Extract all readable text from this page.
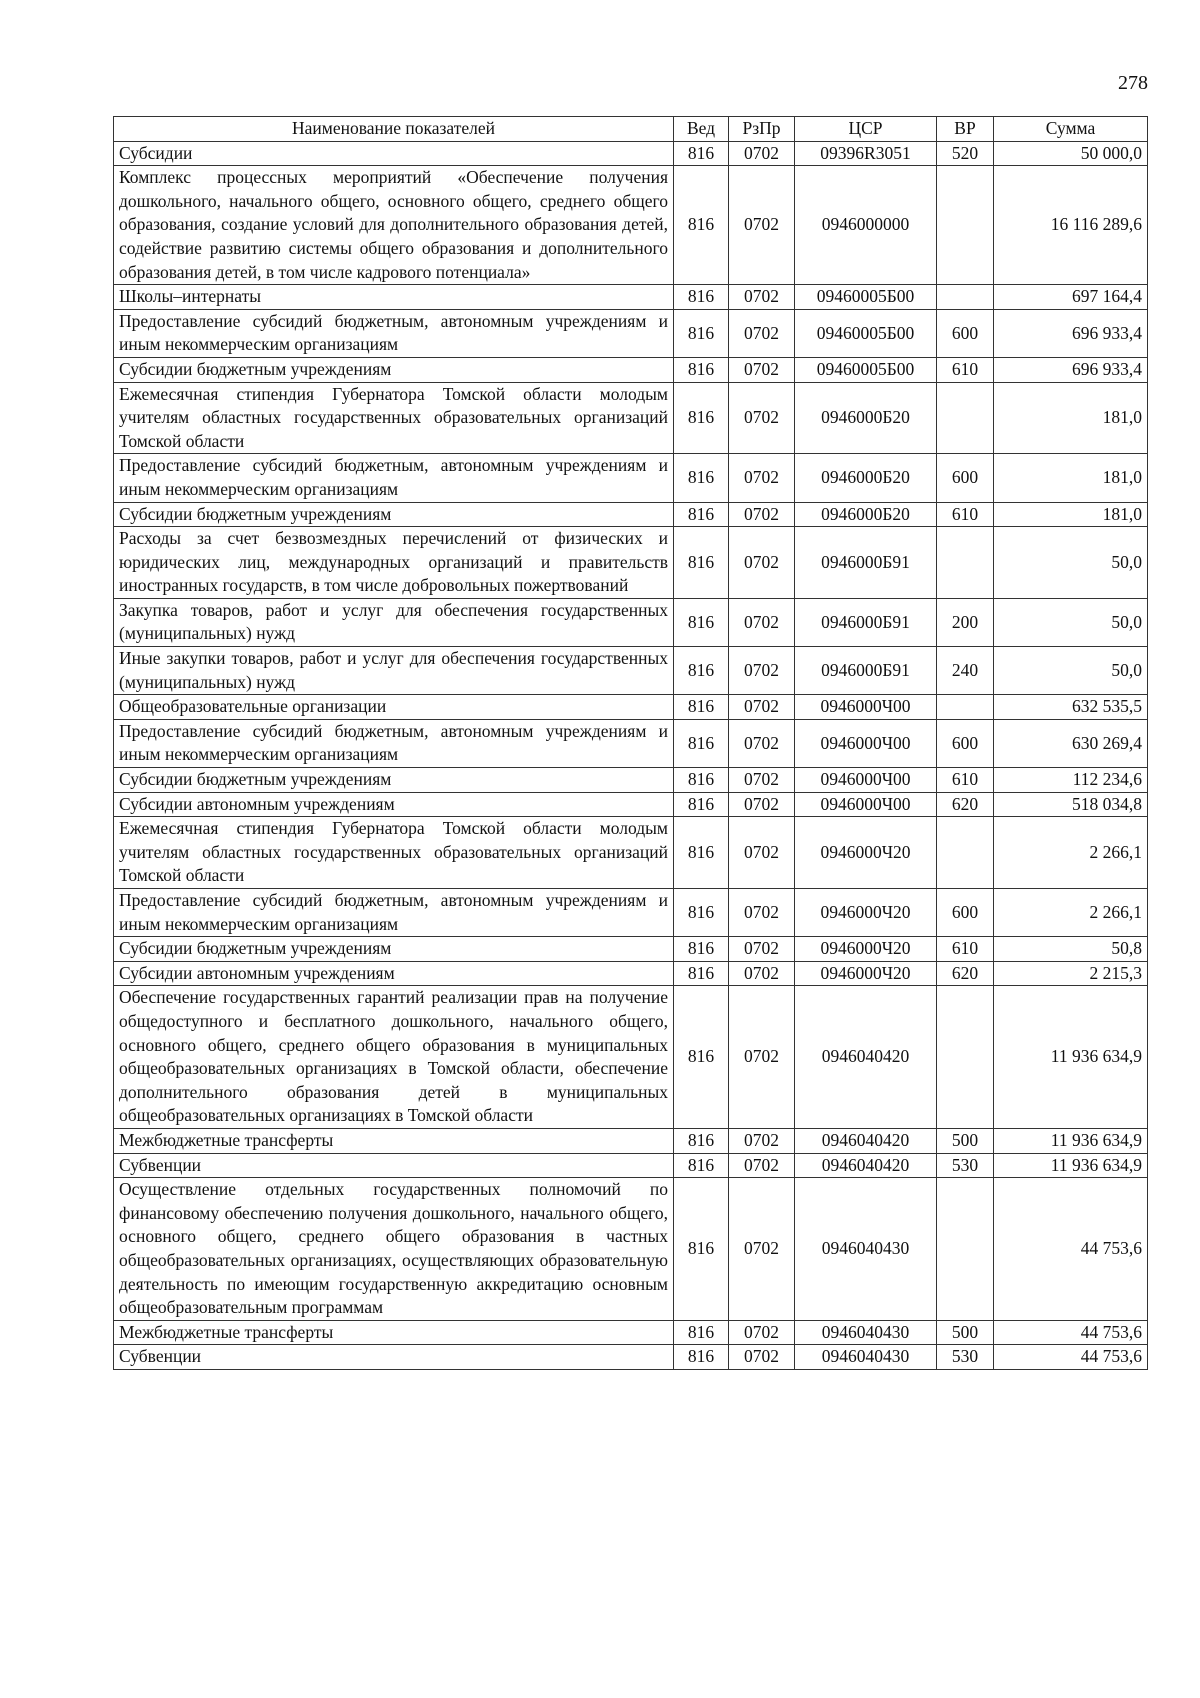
278
Наименование показателей	Вед	РзПр	ЦСР	ВР	Сумма
Субсидии	816	0702	09396R3051	520	50 000,0
Комплекс процессных мероприятий «Обеспечение получения дошкольного, начального общего, основного общего, среднего общего образования, создание условий для дополнительного образования детей, содействие развитию системы общего образования и дополнительного образования детей, в том числе кадрового потенциала»	816	0702	0946000000		16 116 289,6
Школы–интернаты	816	0702	09460005Б00		697 164,4
Предоставление субсидий бюджетным, автономным учреждениям и иным некоммерческим организациям	816	0702	09460005Б00	600	696 933,4
Субсидии бюджетным учреждениям	816	0702	09460005Б00	610	696 933,4
Ежемесячная стипендия Губернатора Томской области молодым учителям областных государственных образовательных организаций Томской области	816	0702	0946000Б20		181,0
Предоставление субсидий бюджетным, автономным учреждениям и иным некоммерческим организациям	816	0702	0946000Б20	600	181,0
Субсидии бюджетным учреждениям	816	0702	0946000Б20	610	181,0
Расходы за счет безвозмездных перечислений от физических и юридических лиц, международных организаций и правительств иностранных государств, в том числе добровольных пожертвований	816	0702	0946000Б91		50,0
Закупка товаров, работ и услуг для обеспечения государственных (муниципальных) нужд	816	0702	0946000Б91	200	50,0
Иные закупки товаров, работ и услуг для обеспечения государственных (муниципальных) нужд	816	0702	0946000Б91	240	50,0
Общеобразовательные организации	816	0702	0946000Ч00		632 535,5
Предоставление субсидий бюджетным, автономным учреждениям и иным некоммерческим организациям	816	0702	0946000Ч00	600	630 269,4
Субсидии бюджетным учреждениям	816	0702	0946000Ч00	610	112 234,6
Субсидии автономным учреждениям	816	0702	0946000Ч00	620	518 034,8
Ежемесячная стипендия Губернатора Томской области молодым учителям областных государственных образовательных организаций Томской области	816	0702	0946000Ч20		2 266,1
Предоставление субсидий бюджетным, автономным учреждениям и иным некоммерческим организациям	816	0702	0946000Ч20	600	2 266,1
Субсидии бюджетным учреждениям	816	0702	0946000Ч20	610	50,8
Субсидии автономным учреждениям	816	0702	0946000Ч20	620	2 215,3
Обеспечение государственных гарантий реализации прав на получение общедоступного и бесплатного дошкольного, начального общего, основного общего, среднего общего образования в муниципальных общеобразовательных организациях в Томской области, обеспечение дополнительного образования детей в муниципальных общеобразовательных организациях в Томской области	816	0702	0946040420		11 936 634,9
Межбюджетные трансферты	816	0702	0946040420	500	11 936 634,9
Субвенции	816	0702	0946040420	530	11 936 634,9
Осуществление отдельных государственных полномочий по финансовому обеспечению получения дошкольного, начального общего, основного общего, среднего общего образования в частных общеобразовательных организациях, осуществляющих образовательную деятельность по имеющим государственную аккредитацию основным общеобразовательным программам	816	0702	0946040430		44 753,6
Межбюджетные трансферты	816	0702	0946040430	500	44 753,6
Субвенции	816	0702	0946040430	530	44 753,6
